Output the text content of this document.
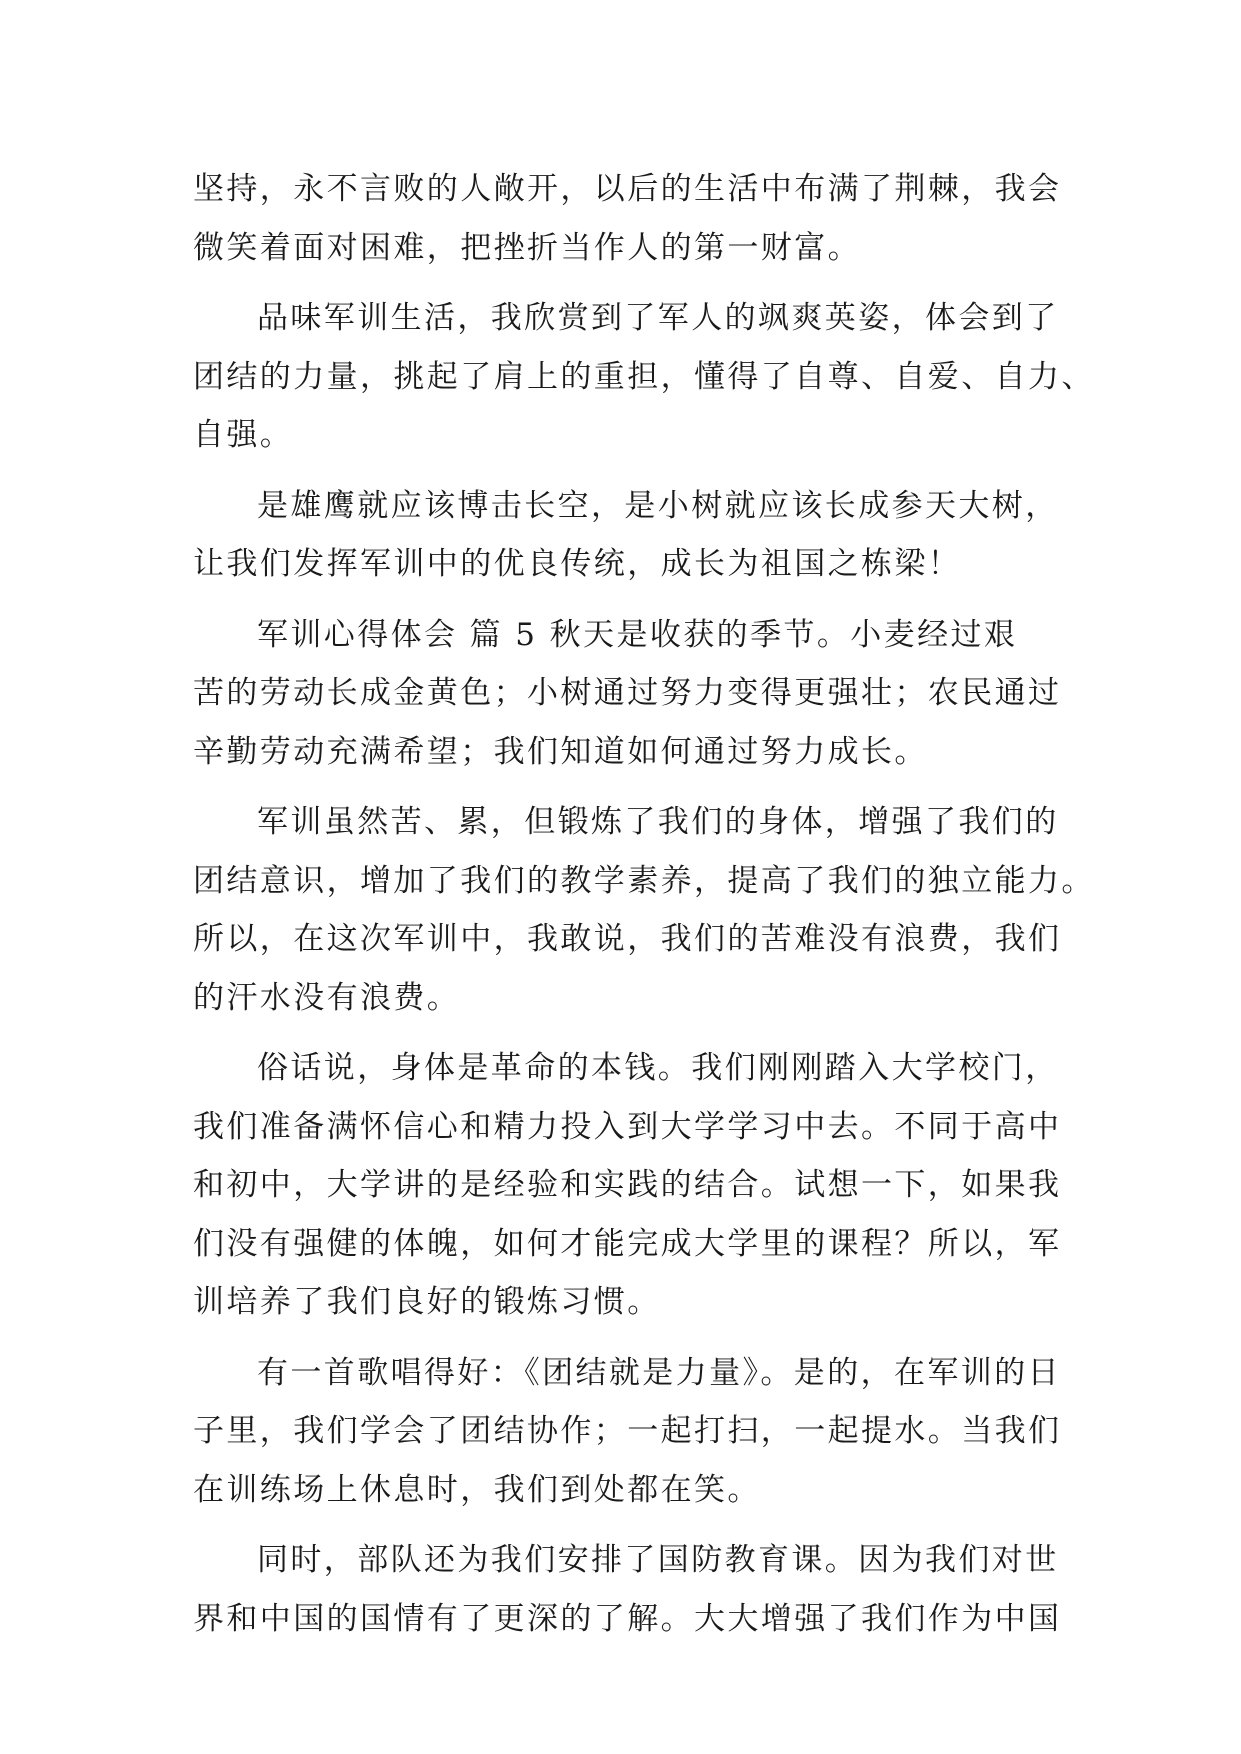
坚持，永不言败的人敞开，以后的生活中布满了荆棘，我会
微笑着面对困难，把挫折当作人的第一财富。
品味军训生活，我欣赏到了军人的飒爽英姿，体会到了
团结的力量，挑起了肩上的重担，懂得了自尊、自爱、自力、
自强。
是雄鹰就应该博击长空，是小树就应该长成参天大树，
让我们发挥军训中的优良传统，成长为祖国之栋梁！
军训心得体会 篇 5 秋天是收获的季节。小麦经过艰
苦的劳动长成金黄色；小树通过努力变得更强壮；农民通过
辛勤劳动充满希望；我们知道如何通过努力成长。
军训虽然苦、累，但锻炼了我们的身体，增强了我们的
团结意识，增加了我们的教学素养，提高了我们的独立能力。
所以，在这次军训中，我敢说，我们的苦难没有浪费，我们
的汗水没有浪费。
俗话说，身体是革命的本钱。我们刚刚踏入大学校门，
我们准备满怀信心和精力投入到大学学习中去。不同于高中
和初中，大学讲的是经验和实践的结合。试想一下，如果我
们没有强健的体魄，如何才能完成大学里的课程？所以，军
训培养了我们良好的锻炼习惯。
有一首歌唱得好：《团结就是力量》。是的，在军训的日
子里，我们学会了团结协作；一起打扫，一起提水。当我们
在训练场上休息时，我们到处都在笑。
同时，部队还为我们安排了国防教育课。因为我们对世
界和中国的国情有了更深的了解。大大增强了我们作为中国
